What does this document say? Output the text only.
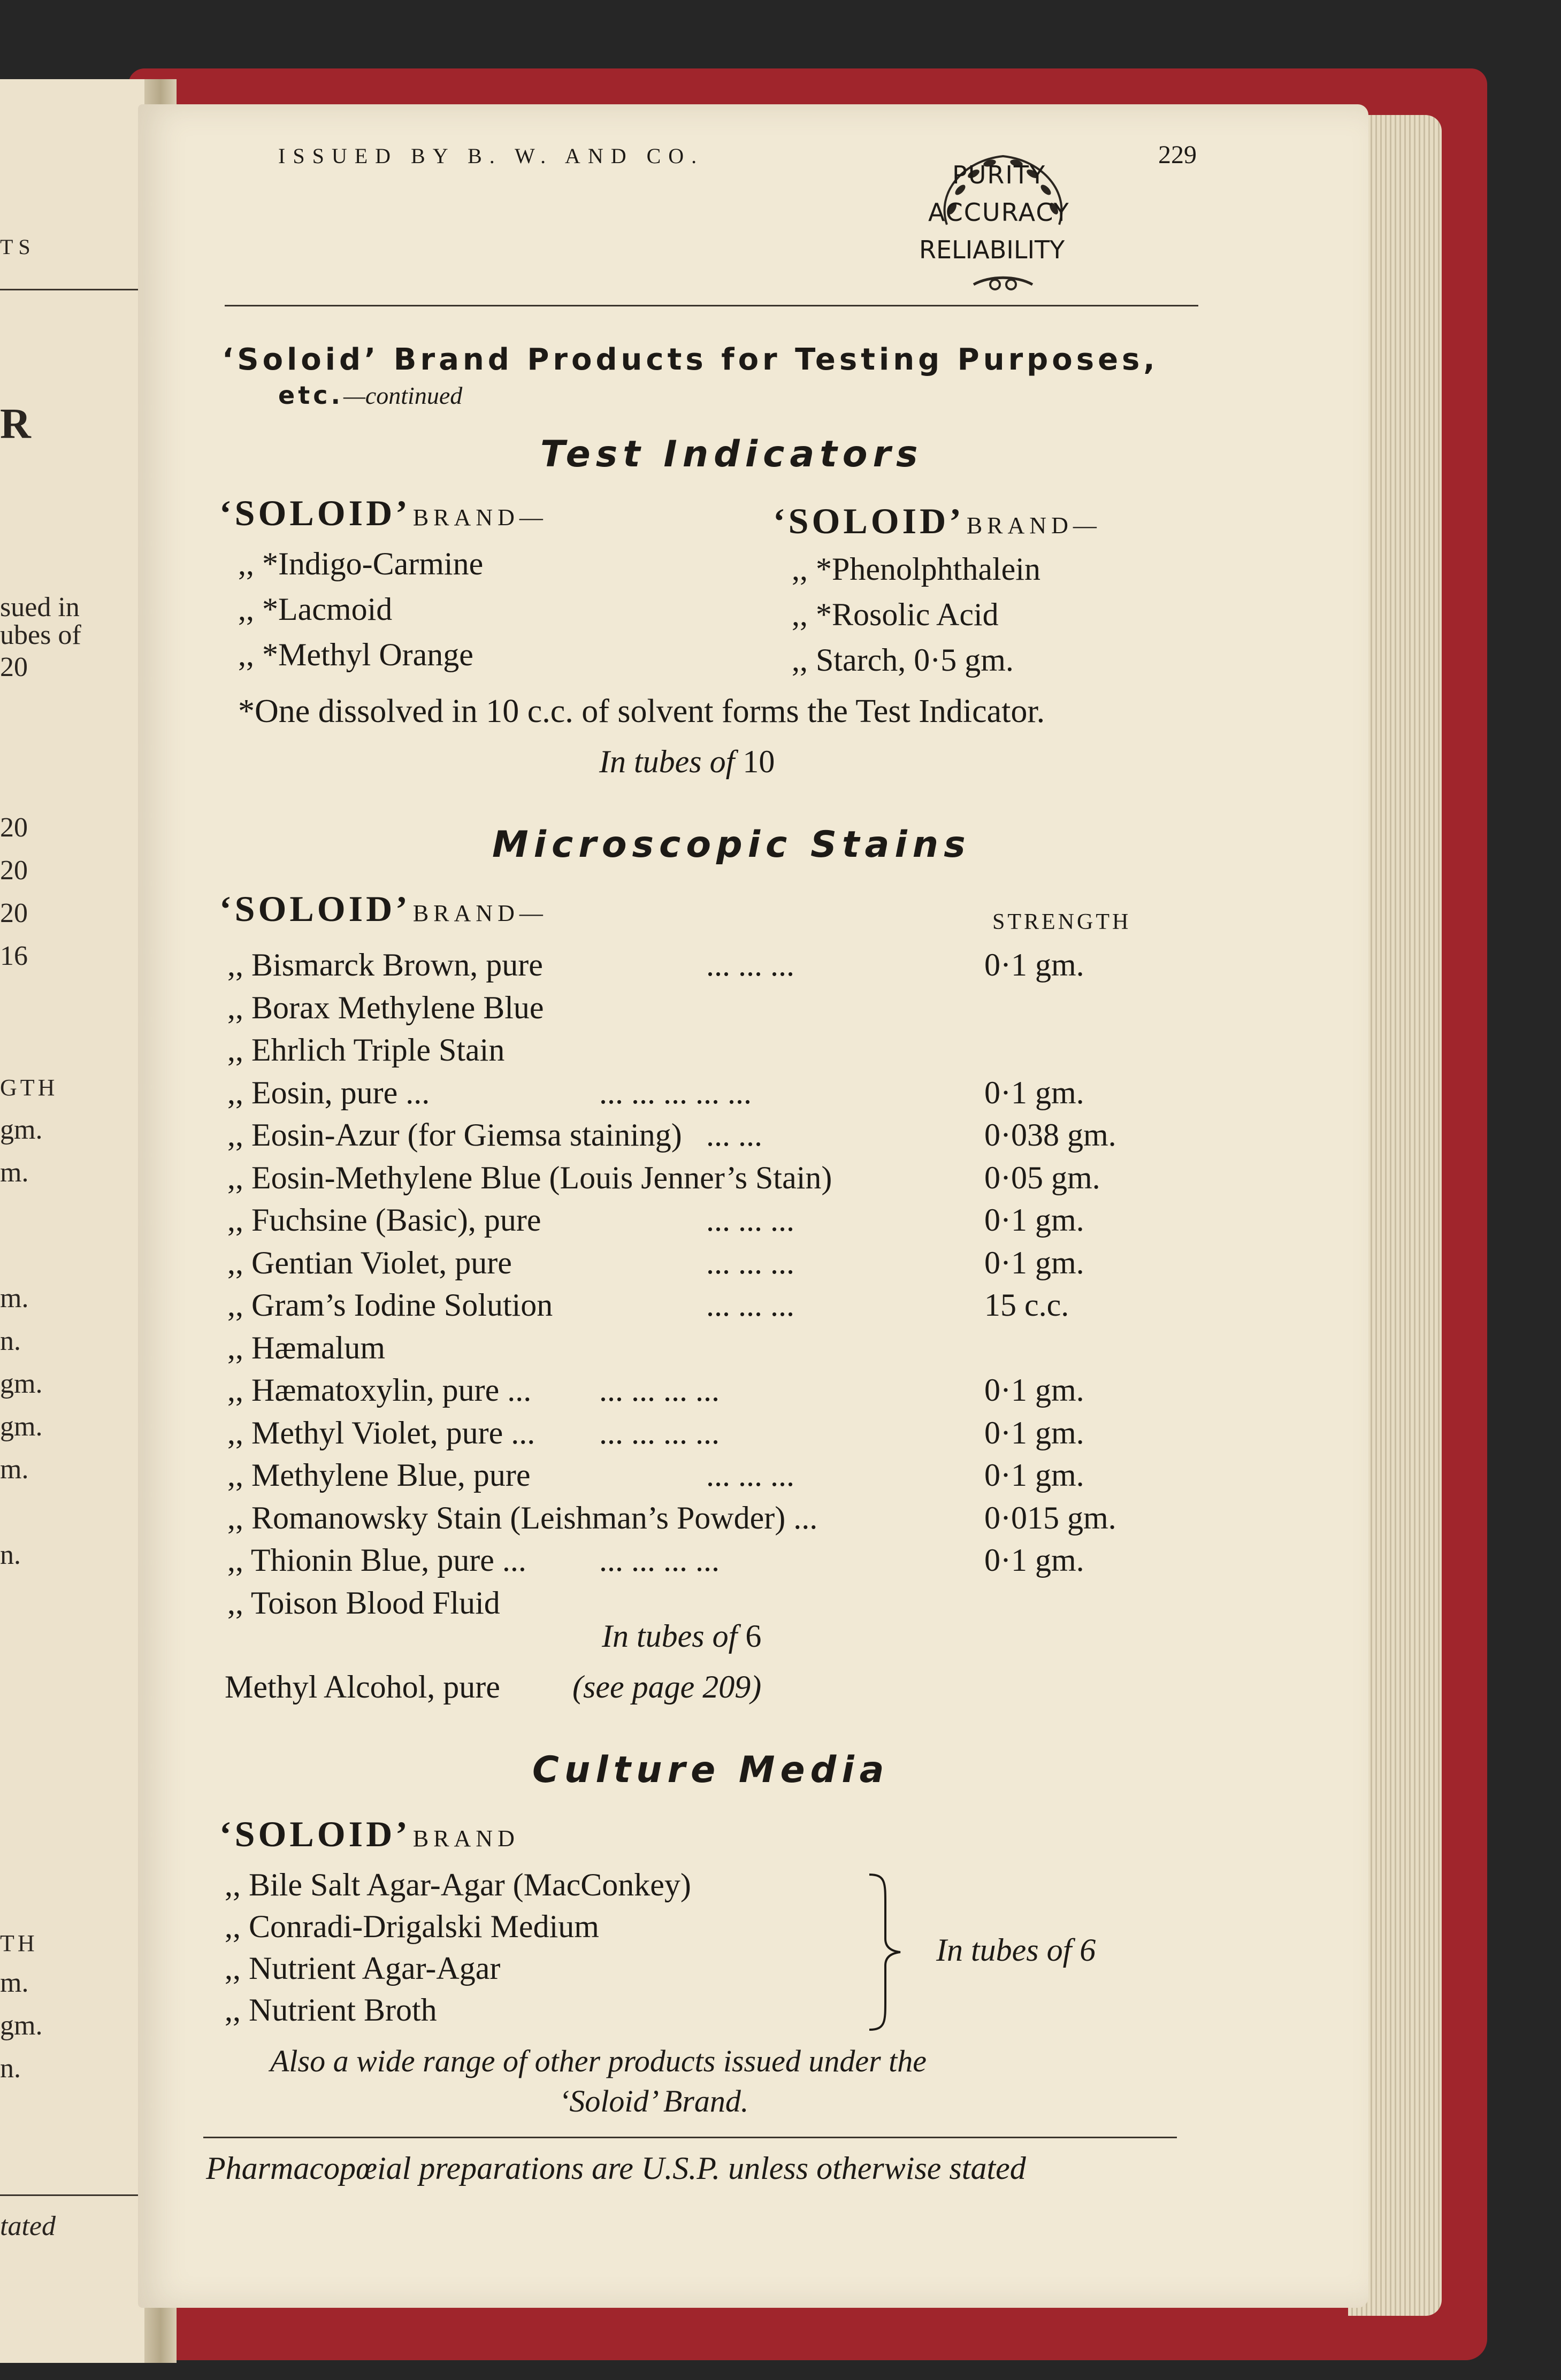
TS
R
sued in
ubes of
20
20
20
20
16
GTH
gm.
m.
m.
n.
gm.
gm.
m.
n.
TH
m.
gm.
n.
tated
ISSUED BY B. W. AND CO.
PURITY
ACCURACY
RELIABILITY
229
‘Soloid’ Brand Products for Testing Purposes,
etc.—continued
Test Indicators
‘SOLOID’ BRAND—	‘SOLOID’ BRAND—
,, *Indigo-Carmine
,, *Lacmoid
,, *Methyl Orange
,, *Phenolphthalein
,, *Rosolic Acid
,, Starch, 0·5 gm.
*One dissolved in 10 c.c. of solvent forms the Test Indicator.
In tubes of 10
Microscopic Stains
‘SOLOID’ BRAND—	STRENGTH
,, Bismarck Brown, pure	... ... ...	0·1 gm.
,, Borax Methylene Blue
,, Ehrlich Triple Stain
,, Eosin, pure ...	... ... ... ... ...	0·1 gm.
,, Eosin-Azur (for Giemsa staining) ... ...	0·038 gm.
,, Eosin-Methylene Blue (Louis Jenner’s Stain)	0·05 gm.
,, Fuchsine (Basic), pure	... ... ...	0·1 gm.
,, Gentian Violet, pure	... ... ...	0·1 gm.
,, Gram’s Iodine Solution	... ... ...	15 c.c.
,, Hæmalum
,, Hæmatoxylin, pure ... ... ... ... ...	0·1 gm.
,, Methyl Violet, pure ... ... ... ... ...	0·1 gm.
,, Methylene Blue, pure	... ... ...	0·1 gm.
,, Romanowsky Stain (Leishman’s Powder) ...	0·015 gm.
,, Thionin Blue, pure ... ... ... ... ...	0·1 gm.
,, Toison Blood Fluid
In tubes of 6
Methyl Alcohol, pure (see page 209)
Culture Media
‘SOLOID’ BRAND
,, Bile Salt Agar-Agar (MacConkey)
,, Conradi-Drigalski Medium
,, Nutrient Agar-Agar
,, Nutrient Broth
In tubes of 6
Also a wide range of other products issued under the
‘Soloid’ Brand.
Pharmacopœial preparations are U.S.P. unless otherwise stated
